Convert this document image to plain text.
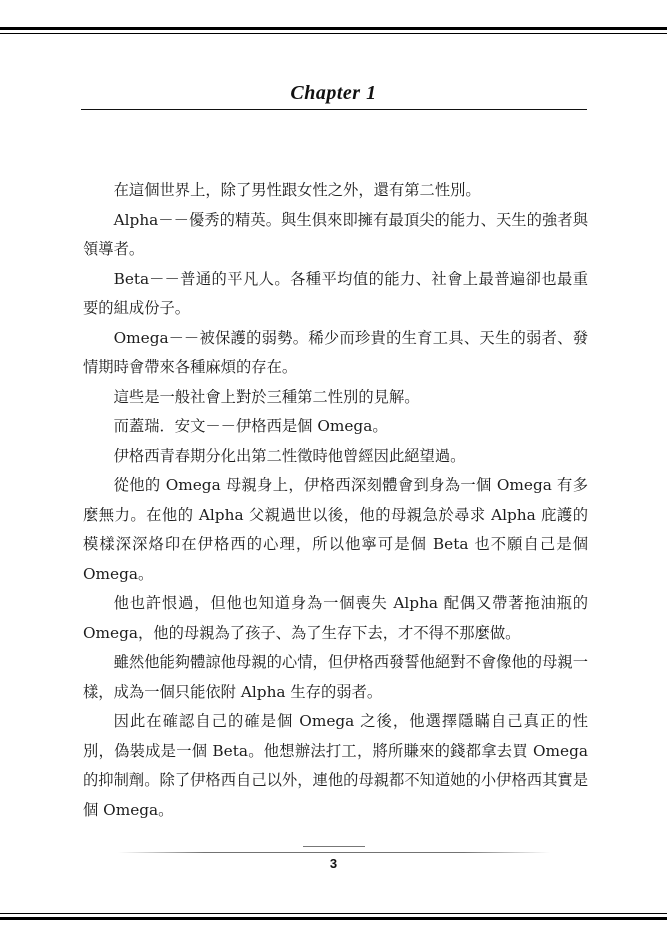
Chapter 1

在這個世界上，除了男性跟女性之外，還有第二性別。

Alpha－－優秀的精英。與生俱來即擁有最頂尖的能力、天生的強者與領導者。

Beta－－普通的平凡人。各種平均值的能力、社會上最普遍卻也最重要的組成份子。

Omega－－被保護的弱勢。稀少而珍貴的生育工具、天生的弱者、發情期時會帶來各種麻煩的存在。

這些是一般社會上對於三種第二性別的見解。

而蓋瑞．安文－－伊格西是個 Omega。

伊格西青春期分化出第二性徵時他曾經因此絕望過。

從他的 Omega 母親身上，伊格西深刻體會到身為一個 Omega 有多麼無力。在他的 Alpha 父親過世以後，他的母親急於尋求 Alpha 庇護的模樣深深烙印在伊格西的心理，所以他寧可是個 Beta 也不願自己是個 Omega。

他也許恨過，但他也知道身為一個喪失 Alpha 配偶又帶著拖油瓶的 Omega，他的母親為了孩子、為了生存下去，才不得不那麼做。

雖然他能夠體諒他母親的心情，但伊格西發誓他絕對不會像他的母親一樣，成為一個只能依附 Alpha 生存的弱者。

因此在確認自己的確是個 Omega 之後，他選擇隱瞞自己真正的性別，偽裝成是一個 Beta。他想辦法打工，將所賺來的錢都拿去買 Omega 的抑制劑。除了伊格西自己以外，連他的母親都不知道她的小伊格西其實是個 Omega。

3
